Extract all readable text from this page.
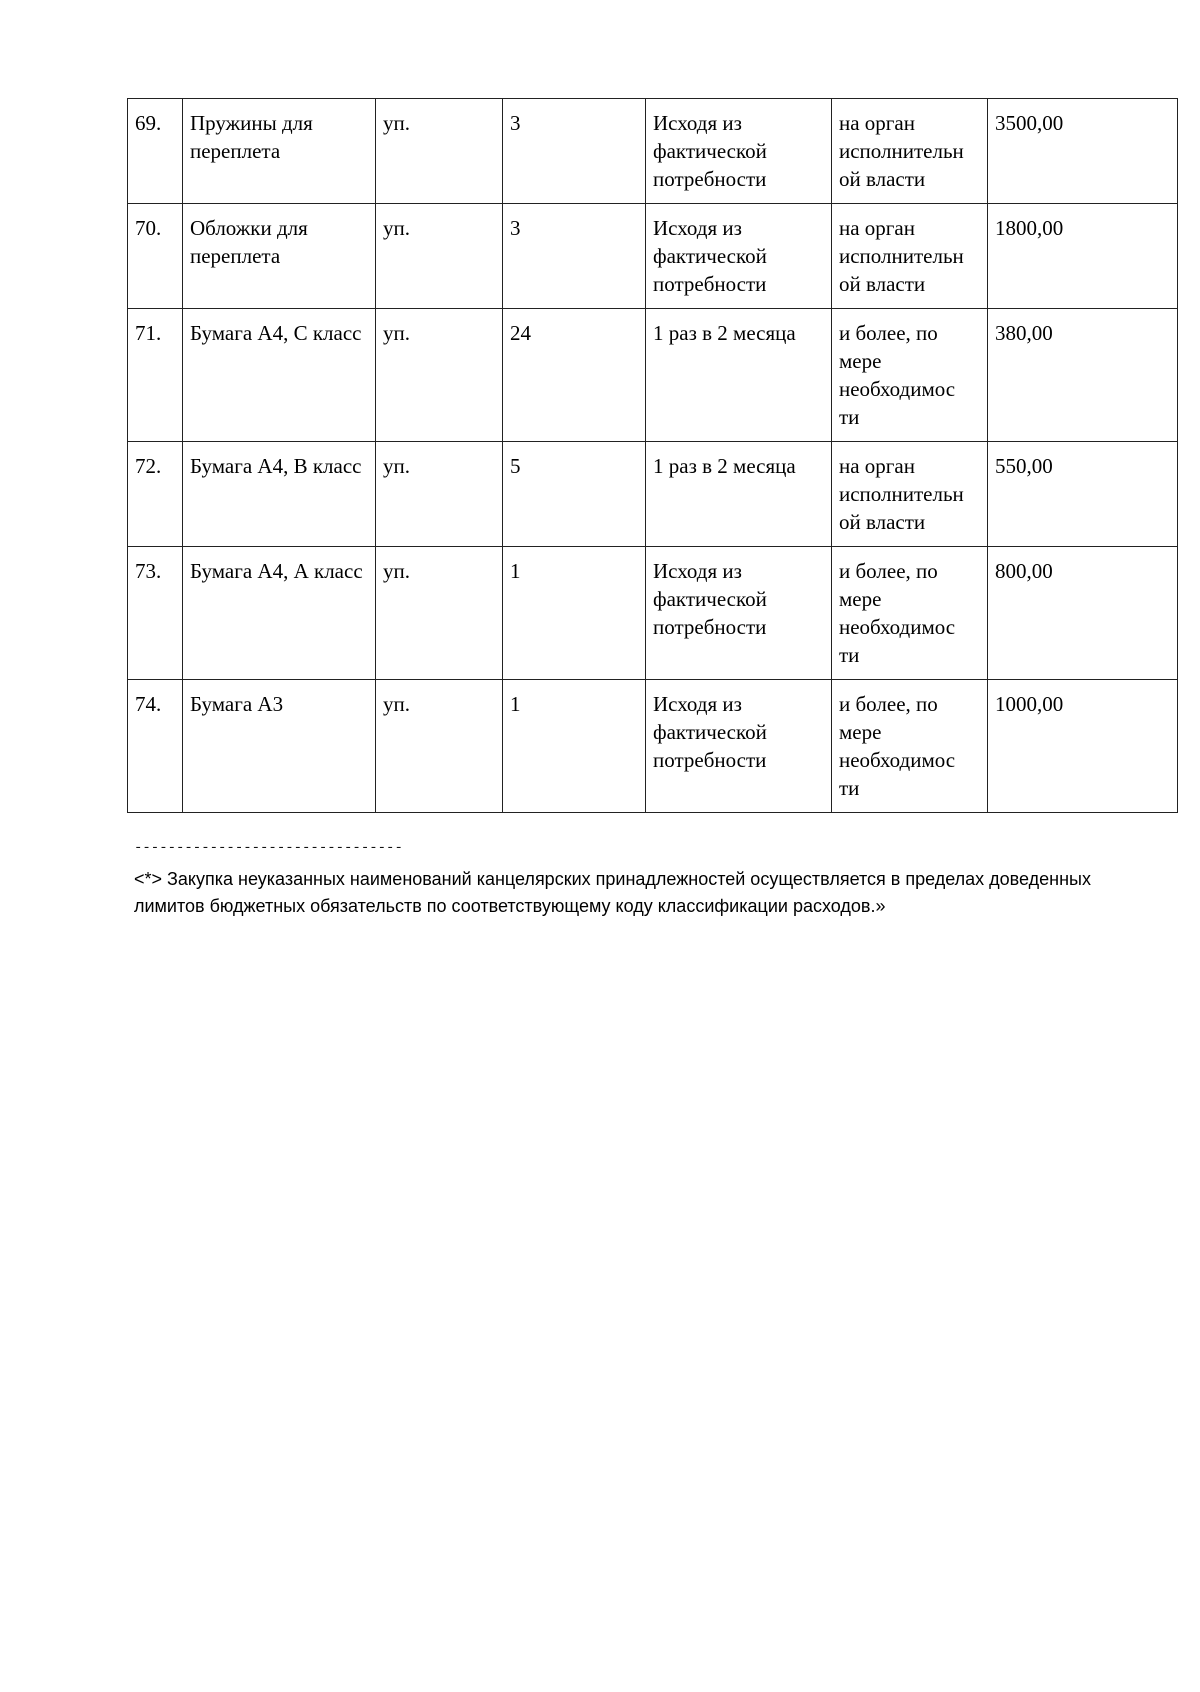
69.	Пружины для переплета	уп.	3	Исходя из фактической потребности	на орган исполнительн ой власти	3500,00
70.	Обложки для переплета	уп.	3	Исходя из фактической потребности	на орган исполнительн ой власти	1800,00
71.	Бумага А4, С класс	уп.	24	1 раз в 2 месяца	и более, по мере необходимос ти	380,00
72.	Бумага А4, В класс	уп.	5	1 раз в 2 месяца	на орган исполнительн ой власти	550,00
73.	Бумага А4, А класс	уп.	1	Исходя из фактической потребности	и более, по мере необходимос ти	800,00
74.	Бумага А3	уп.	1	Исходя из фактической потребности	и более, по мере необходимос ти	1000,00
--------------------------------
<*> Закупка неуказанных наименований канцелярских принадлежностей осуществляется в пределах доведенных лимитов бюджетных обязательств по соответствующему коду классификации расходов.»
